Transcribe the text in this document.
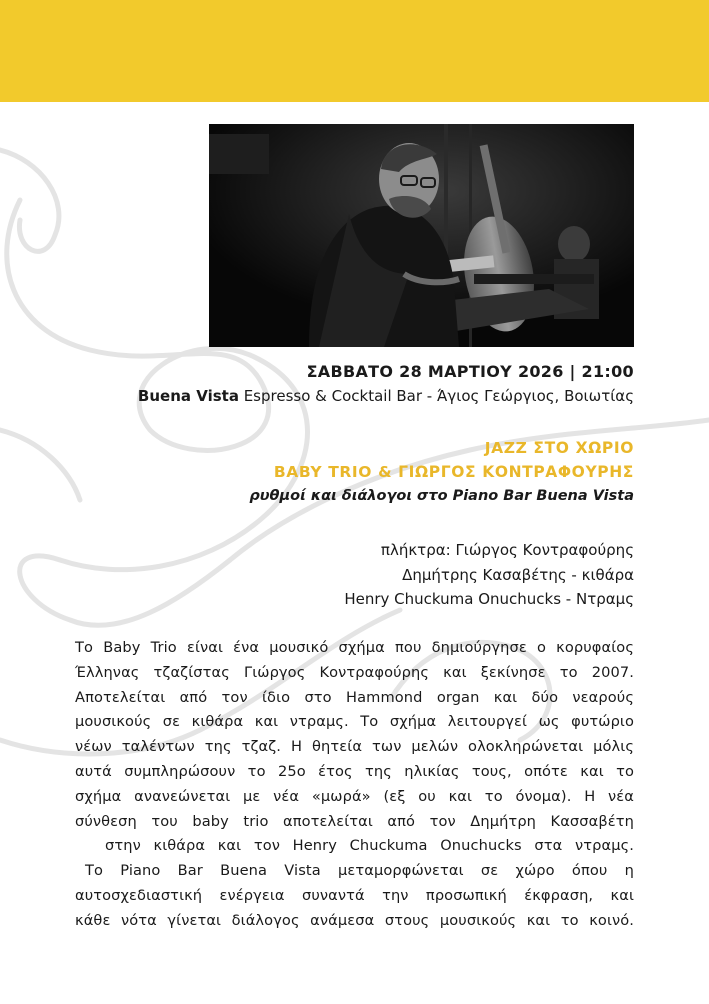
ΣΑΒΒΑΤΟ 28 ΜΑΡΤΙΟΥ 2026 | 21:00
Buena Vista Espresso & Cocktail Bar - Άγιος Γεώργιος, Βοιωτίας
JAZZ ΣΤΟ ΧΩΡΙΟ
BABY TRIO & ΓΙΩΡΓΟΣ ΚΟΝΤΡΑΦΟΥΡΗΣ
ρυθμοί και διάλογοι στο Piano Bar Buena Vista
πλήκτρα: Γιώργος Κοντραφούρης
Δημήτρης Κασαβέτης - κιθάρα
Henry Chuckuma Onuchucks - Ντραμς
Το Baby Trio είναι ένα μουσικό σχήμα που δημιούργησε ο κορυφαίος
Έλληνας τζαζίστας Γιώργος Κοντραφούρης και ξεκίνησε το 2007.
Αποτελείται από τον ίδιο στο Hammond organ και δύο νεαρούς
μουσικούς σε κιθάρα και ντραμς. Το σχήμα λειτουργεί ως φυτώριο
νέων ταλέντων της τζαζ. Η θητεία των μελών ολοκληρώνεται μόλις
αυτά συμπληρώσουν το 25ο έτος της ηλικίας τους, οπότε και το
σχήμα ανανεώνεται με νέα «μωρά» (εξ ου και το όνομα). Η νέα
σύνθεση του baby trio αποτελείται από τον Δημήτρη Κασσαβέτη
στην κιθάρα και τον Henry Chuckuma Onuchucks στα ντραμς.
Το Piano Bar Buena Vista μεταμορφώνεται σε χώρο όπου η
αυτοσχεδιαστική ενέργεια συναντά την προσωπική έκφραση, και
κάθε νότα γίνεται διάλογος ανάμεσα στους μουσικούς και το κοινό.
